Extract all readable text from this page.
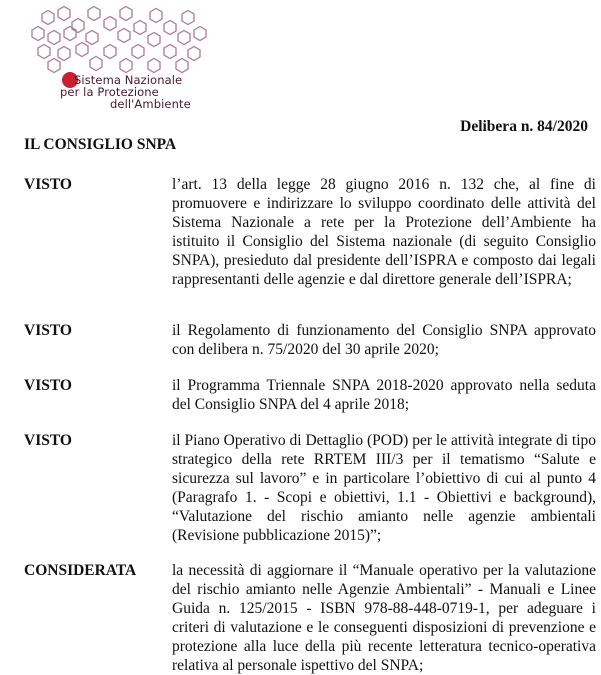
Sistema Nazionale
per la Protezione
dell'Ambiente
Delibera n. 84/2020
IL CONSIGLIO SNPA
VISTO	l’art. 13 della legge 28 giugno 2016 n. 132 che, al fine di promuovere e indirizzare lo sviluppo coordinato delle attività del Sistema Nazionale a rete per la Protezione dell’Ambiente ha istituito il Consiglio del Sistema nazionale (di seguito Consiglio SNPA), presieduto dal presidente dell’ISPRA e composto dai legali rappresentanti delle agenzie e dal direttore generale dell’ISPRA;
VISTO	il Regolamento di funzionamento del Consiglio SNPA approvato con delibera n. 75/2020 del 30 aprile 2020;
VISTO	il Programma Triennale SNPA 2018-2020 approvato nella seduta del Consiglio SNPA del 4 aprile 2018;
VISTO	il Piano Operativo di Dettaglio (POD) per le attività integrate di tipo strategico della rete RRTEM III/3 per il tematismo “Salute e sicurezza sul lavoro” e in particolare l’obiettivo di cui al punto 4 (Paragrafo 1. - Scopi e obiettivi, 1.1 - Obiettivi e background), “Valutazione del rischio amianto nelle agenzie ambientali (Revisione pubblicazione 2015)”;
CONSIDERATA la necessità di aggiornare il “Manuale operativo per la valutazione del rischio amianto nelle Agenzie Ambientali” - Manuali e Linee Guida n. 125/2015 - ISBN 978-88-448-0719-1, per adeguare i criteri di valutazione e le conseguenti disposizioni di prevenzione e protezione alla luce della più recente letteratura tecnico-operativa relativa al personale ispettivo del SNPA;
